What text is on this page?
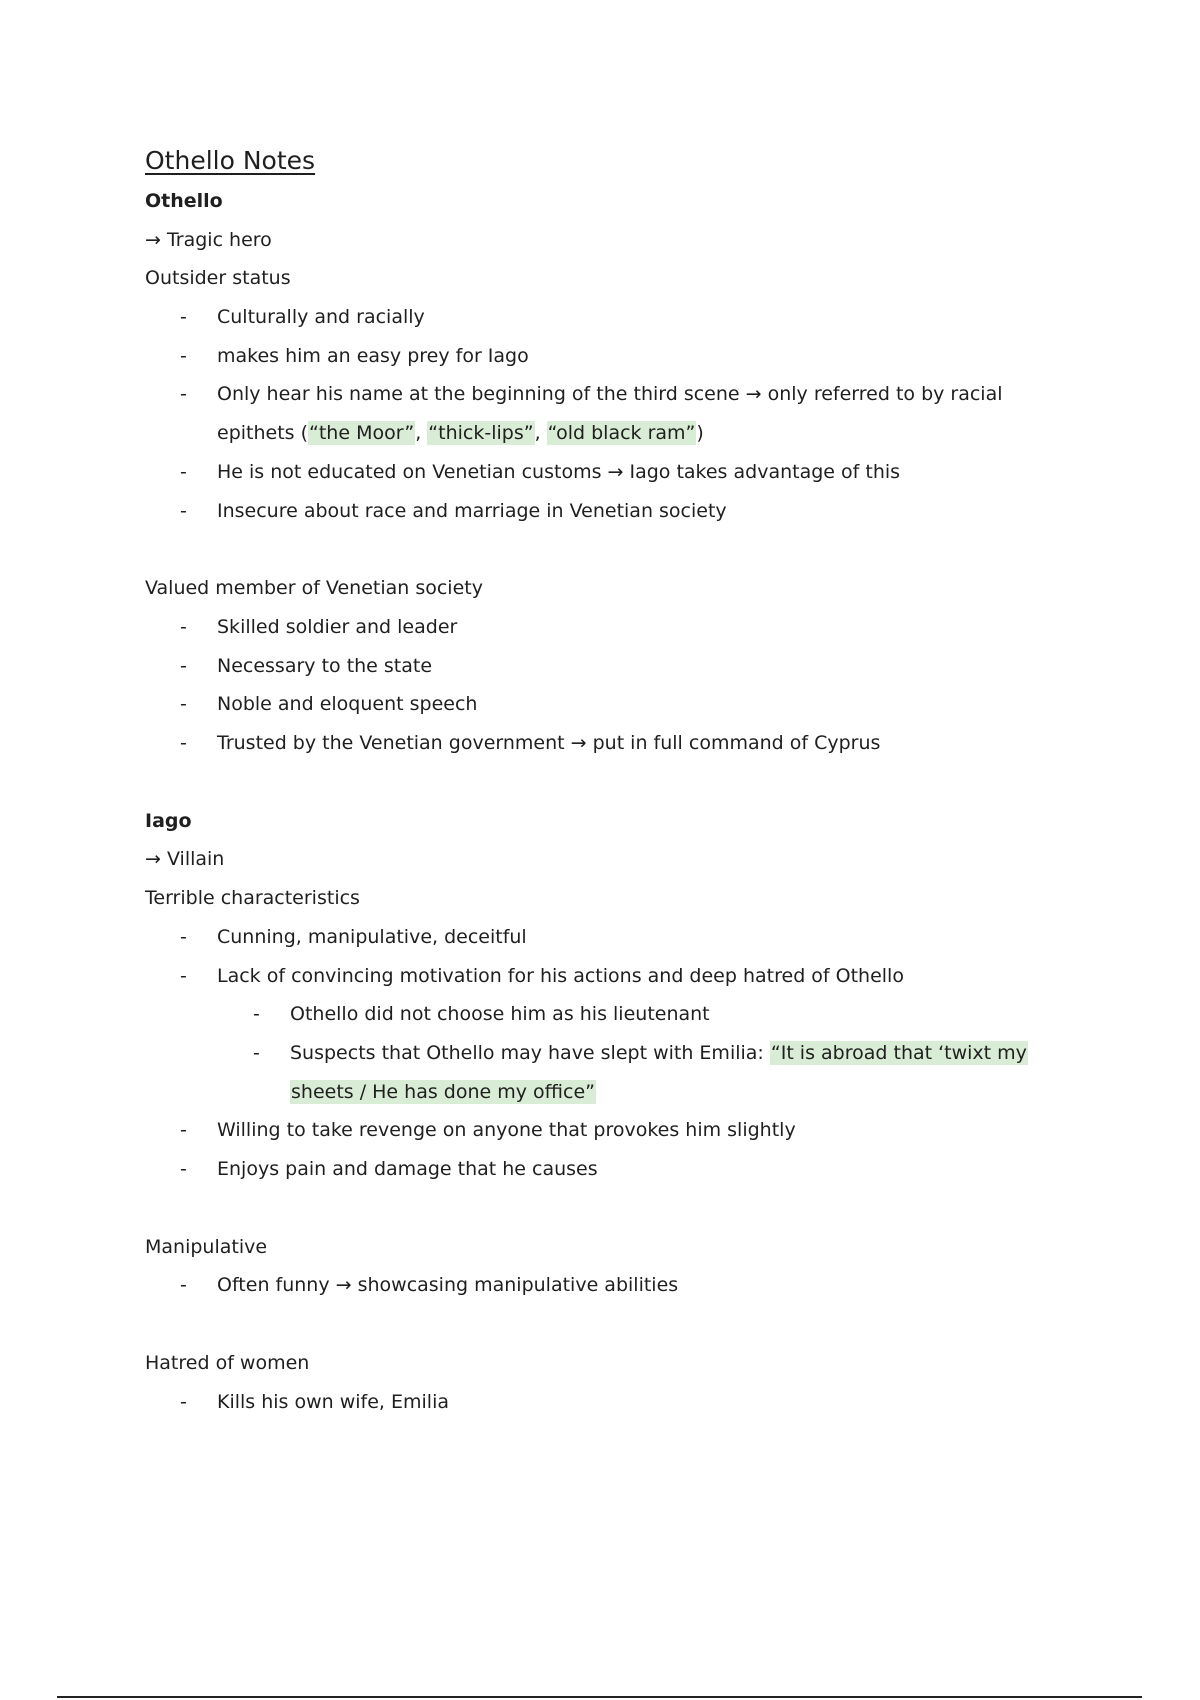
Othello Notes

Othello

→ Tragic hero

Outsider status

- Culturally and racially

- makes him an easy prey for Iago

- Only hear his name at the beginning of the third scene → only referred to by racial
epithets (“the Moor”, “thick-lips”, “old black ram”)

- He is not educated on Venetian customs → Iago takes advantage of this

- Insecure about race and marriage in Venetian society

Valued member of Venetian society

- Skilled soldier and leader

- Necessary to the state

- Noble and eloquent speech

- Trusted by the Venetian government → put in full command of Cyprus

Iago

→ Villain

Terrible characteristics

- Cunning, manipulative, deceitful

- Lack of convincing motivation for his actions and deep hatred of Othello

- Othello did not choose him as his lieutenant

- Suspects that Othello may have slept with Emilia: “It is abroad that ‘twixt my
sheets / He has done my office”

- Willing to take revenge on anyone that provokes him slightly

- Enjoys pain and damage that he causes

Manipulative

- Often funny → showcasing manipulative abilities

Hatred of women

- Kills his own wife, Emilia
